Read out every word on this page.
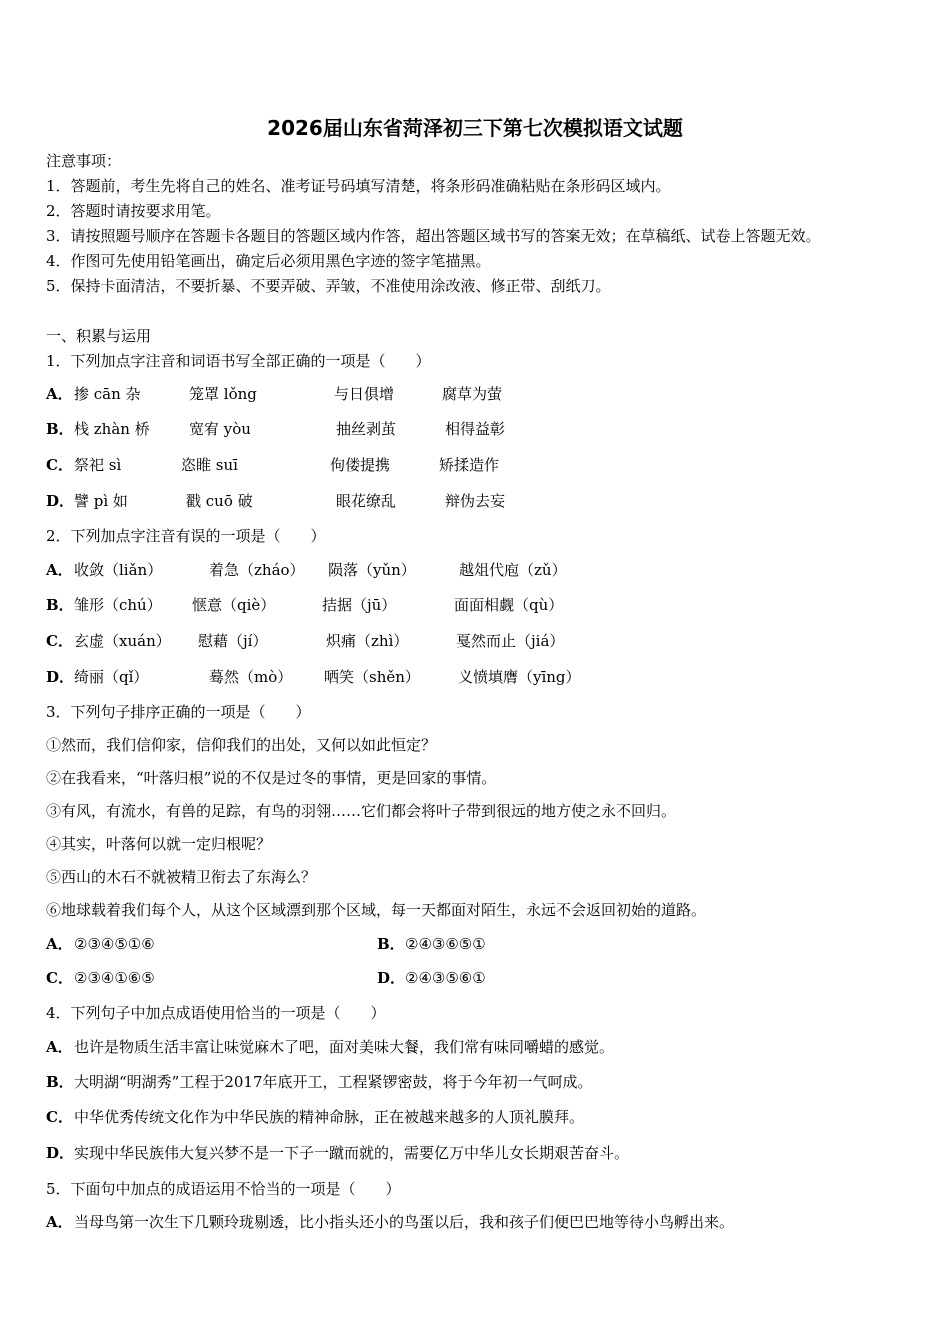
2026届山东省菏泽初三下第七次模拟语文试题
注意事项：
1．答题前，考生先将自己的姓名、准考证号码填写清楚，将条形码准确粘贴在条形码区域内。
2．答题时请按要求用笔。
3．请按照题号顺序在答题卡各题目的答题区域内作答，超出答题区域书写的答案无效；在草稿纸、试卷上答题无效。
4．作图可先使用铅笔画出，确定后必须用黑色字迹的签字笔描黑。
5．保持卡面清洁，不要折暴、不要弄破、弄皱，不准使用涂改液、修正带、刮纸刀。
一、积累与运用
1．下列加点字注音和词语书写全部正确的一项是（　　）
A． 掺 cān 杂	笼罩 lǒng	与日俱增	腐草为萤
B． 栈 zhàn 桥	宽宥 yòu	抽丝剥茧	相得益彰
C． 祭祀 sì	恣睢 suī	佝偻提携	矫揉造作
D． 譬 pì 如	戳 cuō 破	眼花缭乱	辩伪去妄
2．下列加点字注音有误的一项是（　　）
A． 收敛（liǎn）	着急（zháo） 陨落（yǔn）	越俎代庖（zǔ）
B． 雏形（chú） 惬意（qiè）	拮据（jū）	面面相觑（qù）
C． 玄虚（xuán） 慰藉（jí）	炽痛（zhì）	戛然而止（jiá）
D． 绮丽（qǐ）	蓦然（mò） 哂笑（shěn）	义愤填膺（yīng）
3．下列句子排序正确的一项是（　　）
①然而，我们信仰家，信仰我们的出处，又何以如此恒定？
②在我看来，“叶落归根”说的不仅是过冬的事情，更是回家的事情。
③有风，有流水，有兽的足踪，有鸟的羽翎……它们都会将叶子带到很远的地方使之永不回归。
④其实，叶落何以就一定归根呢？
⑤西山的木石不就被精卫衔去了东海么？
⑥地球载着我们每个人，从这个区域漂到那个区域，每一天都面对陌生，永远不会返回初始的道路。
A． ②③④⑤①⑥	B． ②④③⑥⑤①
C． ②③④①⑥⑤	D． ②④③⑤⑥①
4．下列句子中加点成语使用恰当的一项是（　　）
A． 也许是物质生活丰富让味觉麻木了吧，面对美味大餐，我们常有味同嚼蜡的感觉。
B． 大明湖“明湖秀”工程于2017年底开工，工程紧锣密鼓，将于今年初一气呵成。
C． 中华优秀传统文化作为中华民族的精神命脉，正在被越来越多的人顶礼膜拜。
D． 实现中华民族伟大复兴梦不是一下子一蹴而就的，需要亿万中华儿女长期艰苦奋斗。
5．下面句中加点的成语运用不恰当的一项是（　　）
A． 当母鸟第一次生下几颗玲珑剔透，比小指头还小的鸟蛋以后，我和孩子们便巴巴地等待小鸟孵出来。
